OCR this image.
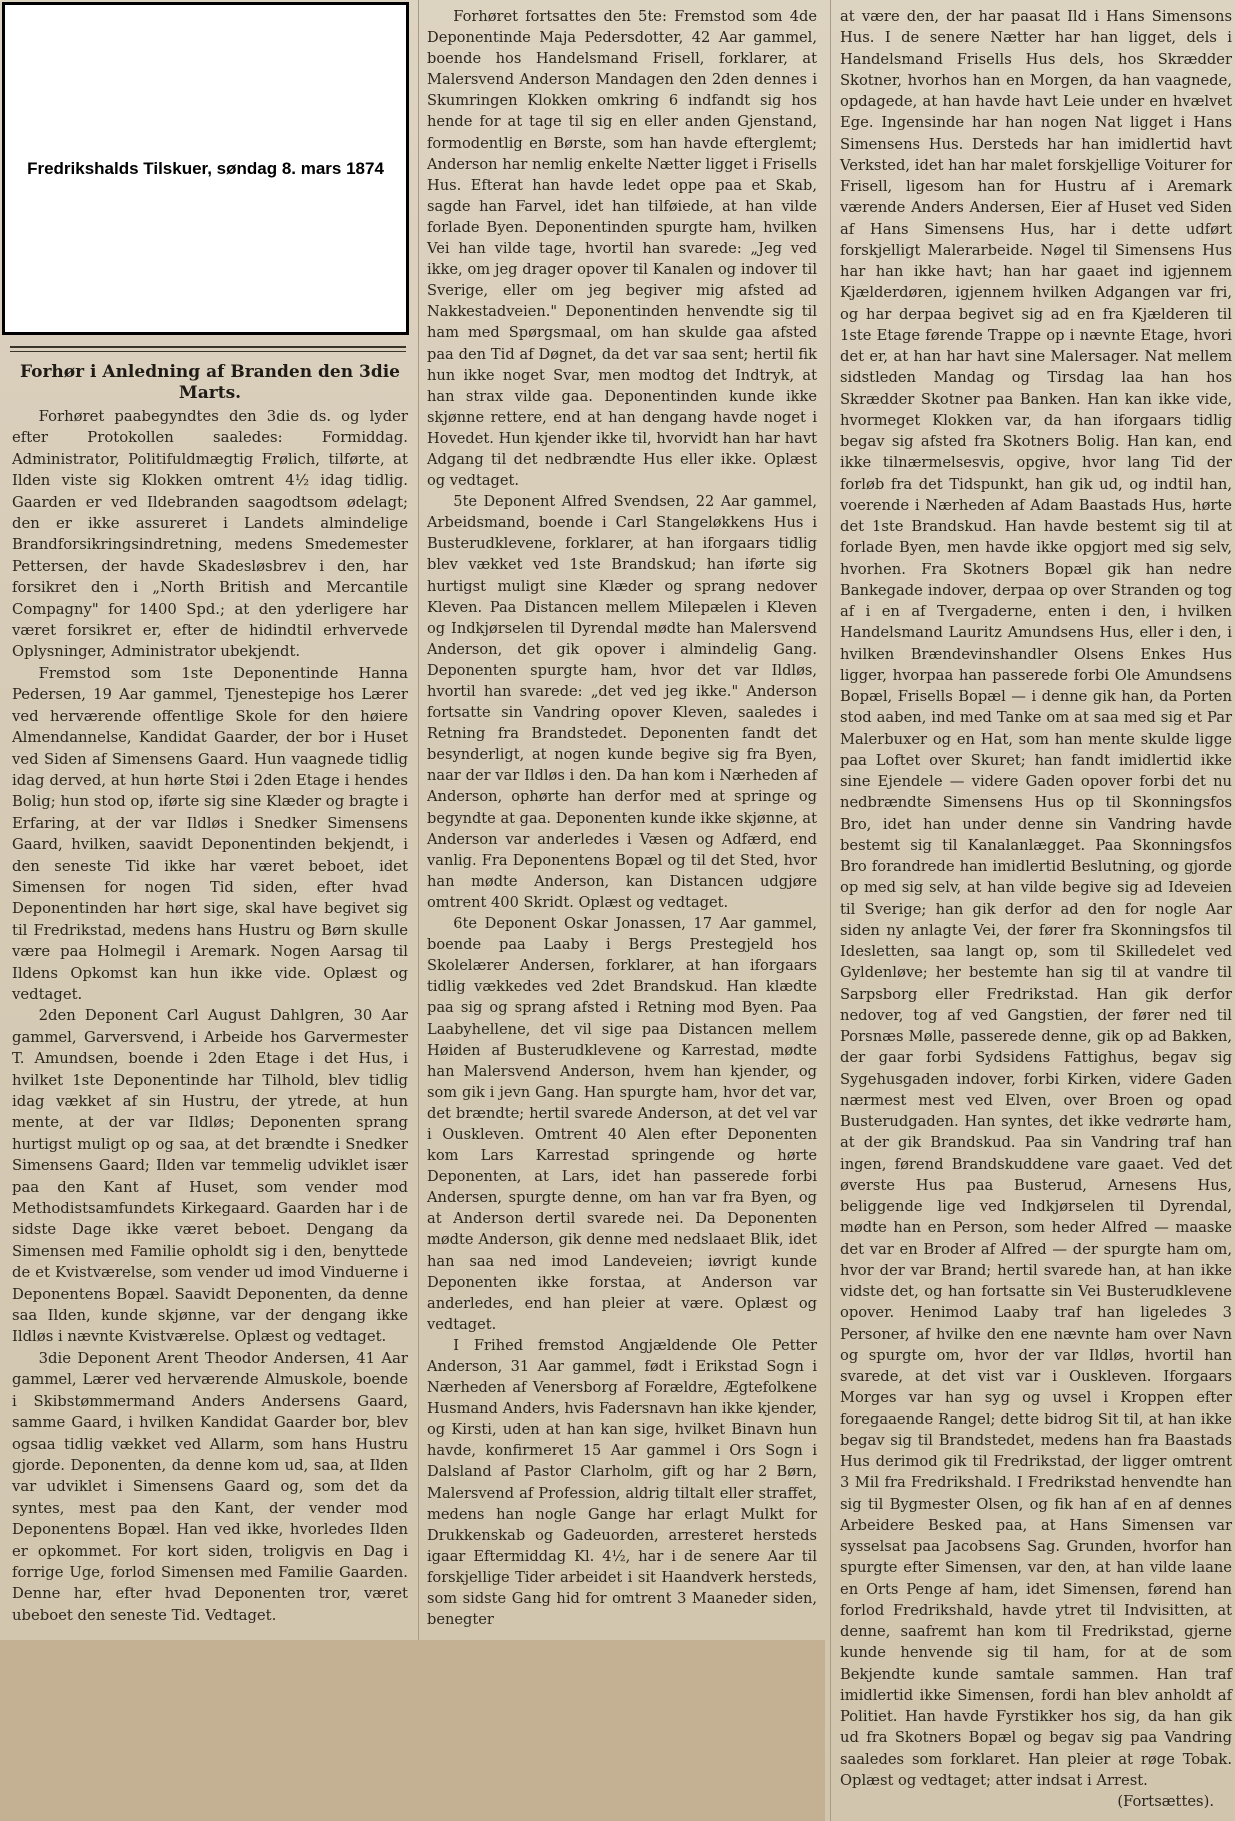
Fredrikshalds Tilskuer, søndag 8. mars 1874
Forhør i Anledning af Branden den 3die Marts.

Forhøret paabegyndtes den 3die ds. og lyder efter Protokollen saaledes: Formiddag. Administrator, Politifuldmægtig Frølich, tilførte, at Ilden viste sig Klokken omtrent 4½ idag tidlig. Gaarden er ved Ildebranden saagodtsom ødelagt; den er ikke assureret i Landets almindelige Brandforsikringsindretning, medens Smedemester Pettersen, der havde Skadesløsbrev i den, har forsikret den i „North British and Mercantile Compagny" for 1400 Spd.; at den yderligere har været forsikret er, efter de hidindtil erhvervede Oplysninger, Administrator ubekjendt.

Fremstod som 1ste Deponentinde Hanna Pedersen, 19 Aar gammel, Tjenestepige hos Lærer ved herværende offentlige Skole for den høiere Almendannelse, Kandidat Gaarder, der bor i Huset ved Siden af Simensens Gaard. Hun vaagnede tidlig idag derved, at hun hørte Støi i 2den Etage i hendes Bolig; hun stod op, iførte sig sine Klæder og bragte i Erfaring, at der var Ildløs i Snedker Simensens Gaard, hvilken, saavidt Deponentinden bekjendt, i den seneste Tid ikke har været beboet, idet Simensen for nogen Tid siden, efter hvad Deponentinden har hørt sige, skal have begivet sig til Fredrikstad, medens hans Hustru og Børn skulle være paa Holmegil i Aremark. Nogen Aarsag til Ildens Opkomst kan hun ikke vide. Oplæst og vedtaget.

2den Deponent Carl August Dahlgren, 30 Aar gammel, Garversvend, i Arbeide hos Garvermester T. Amundsen, boende i 2den Etage i det Hus, i hvilket 1ste Deponentinde har Tilhold, blev tidlig idag vækket af sin Hustru, der ytrede, at hun mente, at der var Ildløs; Deponenten sprang hurtigst muligt op og saa, at det brændte i Snedker Simensens Gaard; Ilden var temmelig udviklet især paa den Kant af Huset, som vender mod Methodistsamfundets Kirkegaard. Gaarden har i de sidste Dage ikke været beboet. Dengang da Simensen med Familie opholdt sig i den, benyttede de et Kvistværelse, som vender ud imod Vinduerne i Deponentens Bopæl. Saavidt Deponenten, da denne saa Ilden, kunde skjønne, var der dengang ikke Ildløs i nævnte Kvistværelse. Oplæst og vedtaget.

3die Deponent Arent Theodor Andersen, 41 Aar gammel, Lærer ved herværende Almuskole, boende i Skibstømmermand Anders Andersens Gaard, samme Gaard, i hvilken Kandidat Gaarder bor, blev ogsaa tidlig vækket ved Allarm, som hans Hustru gjorde. Deponenten, da denne kom ud, saa, at Ilden var udviklet i Simensens Gaard og, som det da syntes, mest paa den Kant, der vender mod Deponentens Bopæl. Han ved ikke, hvorledes Ilden er opkommet. For kort siden, troligvis en Dag i forrige Uge, forlod Simensen med Familie Gaarden. Denne har, efter hvad Deponenten tror, været ubeboet den seneste Tid. Vedtaget.

Forhøret fortsattes den 5te: Fremstod som 4de Deponentinde Maja Pedersdotter, 42 Aar gammel, boende hos Handelsmand Frisell, forklarer, at Malersvend Anderson Mandagen den 2den dennes i Skumringen Klokken omkring 6 indfandt sig hos hende for at tage til sig en eller anden Gjenstand, formodentlig en Børste, som han havde efterglemt; Anderson har nemlig enkelte Nætter ligget i Frisells Hus. Efterat han havde ledet oppe paa et Skab, sagde han Farvel, idet han tilføiede, at han vilde forlade Byen. Deponentinden spurgte ham, hvilken Vei han vilde tage, hvortil han svarede: „Jeg ved ikke, om jeg drager opover til Kanalen og indover til Sverige, eller om jeg begiver mig afsted ad Nakkestadveien." Deponentinden henvendte sig til ham med Spørgsmaal, om han skulde gaa afsted paa den Tid af Døgnet, da det var saa sent; hertil fik hun ikke noget Svar, men modtog det Indtryk, at han strax vilde gaa. Deponentinden kunde ikke skjønne rettere, end at han dengang havde noget i Hovedet. Hun kjender ikke til, hvorvidt han har havt Adgang til det nedbrændte Hus eller ikke. Oplæst og vedtaget.

5te Deponent Alfred Svendsen, 22 Aar gammel, Arbeidsmand, boende i Carl Stangeløkkens Hus i Busterudklevene, forklarer, at han iforgaars tidlig blev vækket ved 1ste Brandskud; han iførte sig hurtigst muligt sine Klæder og sprang nedover Kleven. Paa Distancen mellem Milepælen i Kleven og Indkjørselen til Dyrendal mødte han Malersvend Anderson, det gik opover i almindelig Gang. Deponenten spurgte ham, hvor det var Ildløs, hvortil han svarede: „det ved jeg ikke." Anderson fortsatte sin Vandring opover Kleven, saaledes i Retning fra Brandstedet. Deponenten fandt det besynderligt, at nogen kunde begive sig fra Byen, naar der var Ildløs i den. Da han kom i Nærheden af Anderson, ophørte han derfor med at springe og begyndte at gaa. Deponenten kunde ikke skjønne, at Anderson var anderledes i Væsen og Adfærd, end vanlig. Fra Deponentens Bopæl og til det Sted, hvor han mødte Anderson, kan Distancen udgjøre omtrent 400 Skridt. Oplæst og vedtaget.

6te Deponent Oskar Jonassen, 17 Aar gammel, boende paa Laaby i Bergs Prestegjeld hos Skolelærer Andersen, forklarer, at han iforgaars tidlig vækkedes ved 2det Brandskud. Han klædte paa sig og sprang afsted i Retning mod Byen. Paa Laabyhellene, det vil sige paa Distancen mellem Høiden af Busterudklevene og Karrestad, mødte han Malersvend Anderson, hvem han kjender, og som gik i jevn Gang. Han spurgte ham, hvor det var, det brændte; hertil svarede Anderson, at det vel var i Ouskleven. Omtrent 40 Alen efter Deponenten kom Lars Karrestad springende og hørte Deponenten, at Lars, idet han passerede forbi Andersen, spurgte denne, om han var fra Byen, og at Anderson dertil svarede nei. Da Deponenten mødte Anderson, gik denne med nedslaaet Blik, idet han saa ned imod Landeveien; iøvrigt kunde Deponenten ikke forstaa, at Anderson var anderledes, end han pleier at være. Oplæst og vedtaget.

I Frihed fremstod Angjældende Ole Petter Anderson, 31 Aar gammel, født i Erikstad Sogn i Nærheden af Venersborg af Forældre, Ægtefolkene Husmand Anders, hvis Fadersnavn han ikke kjender, og Kirsti, uden at han kan sige, hvilket Binavn hun havde, konfirmeret 15 Aar gammel i Ors Sogn i Dalsland af Pastor Clarholm, gift og har 2 Børn, Malersvend af Profession, aldrig tiltalt eller straffet, medens han nogle Gange har erlagt Mulkt for Drukkenskab og Gadeuorden, arresteret hersteds igaar Eftermiddag Kl. 4½, har i de senere Aar til forskjellige Tider arbeidet i sit Haandverk hersteds, som sidste Gang hid for omtrent 3 Maaneder siden, benegter

at være den, der har paasat Ild i Hans Simensons Hus. I de senere Nætter har han ligget, dels i Handelsmand Frisells Hus dels, hos Skrædder Skotner, hvorhos han en Morgen, da han vaagnede, opdagede, at han havde havt Leie under en hvælvet Ege. Ingensinde har han nogen Nat ligget i Hans Simensens Hus. Dersteds har han imidlertid havt Verksted, idet han har malet forskjellige Voiturer for Frisell, ligesom han for Hustru af i Aremark værende Anders Andersen, Eier af Huset ved Siden af Hans Simensens Hus, har i dette udført forskjelligt Malerarbeide. Nøgel til Simensens Hus har han ikke havt; han har gaaet ind igjennem Kjælderdøren, igjennem hvilken Adgangen var fri, og har derpaa begivet sig ad en fra Kjælderen til 1ste Etage førende Trappe op i nævnte Etage, hvori det er, at han har havt sine Malersager. Nat mellem sidstleden Mandag og Tirsdag laa han hos Skrædder Skotner paa Banken. Han kan ikke vide, hvormeget Klokken var, da han iforgaars tidlig begav sig afsted fra Skotners Bolig. Han kan, end ikke tilnærmelsesvis, opgive, hvor lang Tid der forløb fra det Tidspunkt, han gik ud, og indtil han, voerende i Nærheden af Adam Baastads Hus, hørte det 1ste Brandskud. Han havde bestemt sig til at forlade Byen, men havde ikke opgjort med sig selv, hvorhen. Fra Skotners Bopæl gik han nedre Bankegade indover, derpaa op over Stranden og tog af i en af Tvergaderne, enten i den, i hvilken Handelsmand Lauritz Amundsens Hus, eller i den, i hvilken Brændevinshandler Olsens Enkes Hus ligger, hvorpaa han passerede forbi Ole Amundsens Bopæl, Frisells Bopæl — i denne gik han, da Porten stod aaben, ind med Tanke om at saa med sig et Par Malerbuxer og en Hat, som han mente skulde ligge paa Loftet over Skuret; han fandt imidlertid ikke sine Ejendele — videre Gaden opover forbi det nu nedbrændte Simensens Hus op til Skonningsfos Bro, idet han under denne sin Vandring havde bestemt sig til Kanalanlægget. Paa Skonningsfos Bro forandrede han imidlertid Beslutning, og gjorde op med sig selv, at han vilde begive sig ad Ideveien til Sverige; han gik derfor ad den for nogle Aar siden ny anlagte Vei, der fører fra Skonningsfos til Idesletten, saa langt op, som til Skilledelet ved Gyldenløve; her bestemte han sig til at vandre til Sarpsborg eller Fredrikstad. Han gik derfor nedover, tog af ved Gangstien, der fører ned til Porsnæs Mølle, passerede denne, gik op ad Bakken, der gaar forbi Sydsidens Fattighus, begav sig Sygehusgaden indover, forbi Kirken, videre Gaden nærmest mest ved Elven, over Broen og opad Busterudgaden. Han syntes, det ikke vedrørte ham, at der gik Brandskud. Paa sin Vandring traf han ingen, førend Brandskuddene vare gaaet. Ved det øverste Hus paa Busterud, Arnesens Hus, beliggende lige ved Indkjørselen til Dyrendal, mødte han en Person, som heder Alfred — maaske det var en Broder af Alfred — der spurgte ham om, hvor der var Brand; hertil svarede han, at han ikke vidste det, og han fortsatte sin Vei Busterudklevene opover. Henimod Laaby traf han ligeledes 3 Personer, af hvilke den ene nævnte ham over Navn og spurgte om, hvor der var Ildløs, hvortil han svarede, at det vist var i Ouskleven. Iforgaars Morges var han syg og uvsel i Kroppen efter foregaaende Rangel; dette bidrog Sit til, at han ikke begav sig til Brandstedet, medens han fra Baastads Hus derimod gik til Fredrikstad, der ligger omtrent 3 Mil fra Fredrikshald. I Fredrikstad henvendte han sig til Bygmester Olsen, og fik han af en af dennes Arbeidere Besked paa, at Hans Simensen var sysselsat paa Jacobsens Sag. Grunden, hvorfor han spurgte efter Simensen, var den, at han vilde laane en Orts Penge af ham, idet Simensen, førend han forlod Fredrikshald, havde ytret til Indvisitten, at denne, saafremt han kom til Fredrikstad, gjerne kunde henvende sig til ham, for at de som Bekjendte kunde samtale sammen. Han traf imidlertid ikke Simensen, fordi han blev anholdt af Politiet. Han havde Fyrstikker hos sig, da han gik ud fra Skotners Bopæl og begav sig paa Vandring saaledes som forklaret. Han pleier at røge Tobak. Oplæst og vedtaget; atter indsat i Arrest.

(Fortsættes).
